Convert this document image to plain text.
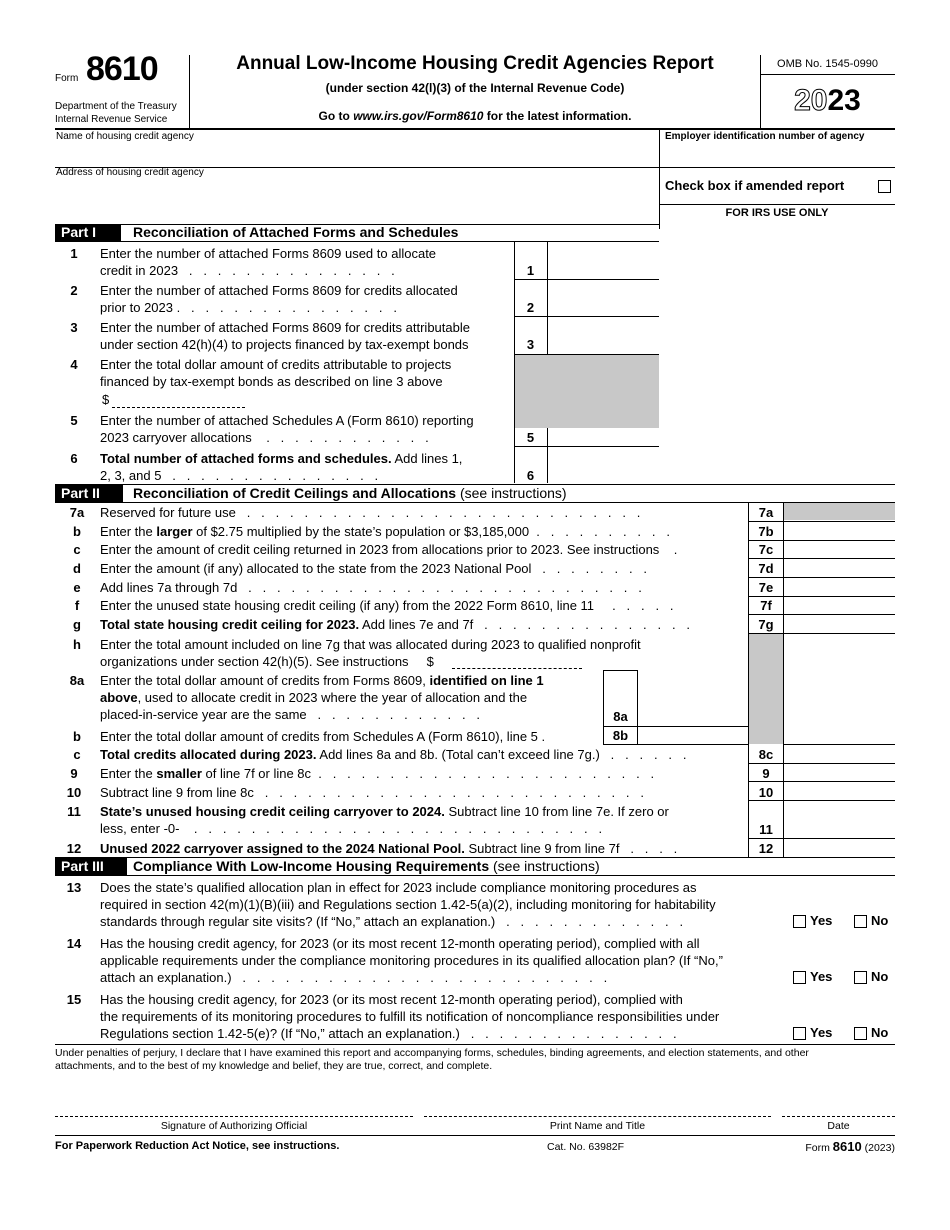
Form 8610
Department of the Treasury
Internal Revenue Service
Annual Low-Income Housing Credit Agencies Report
(under section 42(l)(3) of the Internal Revenue Code)
Go to www.irs.gov/Form8610 for the latest information.
OMB No. 1545-0990
2023
Name of housing credit agency	Employer identification number of agency
Address of housing credit agency
Check box if amended report
FOR IRS USE ONLY
Part I	Reconciliation of Attached Forms and Schedules
1	Enter the number of attached Forms 8609 used to allocate
credit in 2023   .   .   .   .   .   .   .   .   .   .   .   .   .   .   .	1
2	Enter the number of attached Forms 8609 for credits allocated
prior to 2023 .   .   .   .   .   .   .   .   .   .   .   .   .   .   .   .	2
3	Enter the number of attached Forms 8609 for credits attributable
under section 42(h)(4) to projects financed by tax-exempt bonds	3
4	Enter the total dollar amount of credits attributable to projects
financed by tax-exempt bonds as described on line 3 above
$
5	Enter the number of attached Schedules A (Form 8610) reporting
2023 carryover allocations    .   .   .   .   .   .   .   .   .   .   .   .	5
6	Total number of attached forms and schedules. Add lines 1,
2, 3, and 5   .   .   .   .   .   .   .   .   .   .   .   .   .   .   .	6
Part II	Reconciliation of Credit Ceilings and Allocations (see instructions)
7a	Reserved for future use   .   .   .   .   .   .   .   .   .   .   .   .   .   .   .   .   .   .   .   .   .   .   .   .   .   .   .   .	7a
b	Enter the larger of $2.75 multiplied by the state’s population or $3,185,000  .   .   .   .   .   .   .   .   .   .	7b
c	Enter the amount of credit ceiling returned in 2023 from allocations prior to 2023. See instructions    .	7c
d	Enter the amount (if any) allocated to the state from the 2023 National Pool   .   .   .   .   .   .   .   .	7d
e	Add lines 7a through 7d   .   .   .   .   .   .   .   .   .   .   .   .   .   .   .   .   .   .   .   .   .   .   .   .   .   .   .   .	7e
f	Enter the unused state housing credit ceiling (if any) from the 2022 Form 8610, line 11     .   .   .   .   .	7f
g	Total state housing credit ceiling for 2023. Add lines 7e and 7f   .   .   .   .   .   .   .   .   .   .   .   .   .   .   .	7g
h	Enter the total amount included on line 7g that was allocated during 2023 to qualified nonprofit
organizations under section 42(h)(5). See instructions $
8a	Enter the total dollar amount of credits from Forms 8609, identified on line 1
above, used to allocate credit in 2023 where the year of allocation and the
placed-in-service year are the same   .   .   .   .   .   .   .   .   .   .   .   .	8a
b	Enter the total dollar amount of credits from Schedules A (Form 8610), line 5 .	8b
c	Total credits allocated during 2023. Add lines 8a and 8b. (Total can’t exceed line 7g.)   .   .   .   .   .   .	8c
9	Enter the smaller of line 7f or line 8c  .   .   .   .   .   .   .   .   .   .   .   .   .   .   .   .   .   .   .   .   .   .   .   .	9
10	Subtract line 9 from line 8c   .   .   .   .   .   .   .   .   .   .   .   .   .   .   .   .   .   .   .   .   .   .   .   .   .   .   .	10
11	State’s unused housing credit ceiling carryover to 2024. Subtract line 10 from line 7e. If zero or
less, enter -0-    .   .   .   .   .   .   .   .   .   .   .   .   .   .   .   .   .   .   .   .   .   .   .   .   .   .   .   .   .	11
12	Unused 2022 carryover assigned to the 2024 National Pool. Subtract line 9 from line 7f   .   .   .   .	12
Part III	Compliance With Low-Income Housing Requirements (see instructions)
13	Does the state’s qualified allocation plan in effect for 2023 include compliance monitoring procedures as
required in section 42(m)(1)(B)(iii) and Regulations section 1.42-5(a)(2), including monitoring for habitability
standards through regular site visits? (If “No,” attach an explanation.)   .   .   .   .   .   .   .   .   .   .   .   .   .	Yes	No
14	Has the housing credit agency, for 2023 (or its most recent 12-month operating period), complied with all
applicable requirements under the compliance monitoring procedures in its qualified allocation plan? (If “No,”
attach an explanation.)   .   .   .   .   .   .   .   .   .   .   .   .   .   .   .   .   .   .   .   .   .   .   .   .   .   .	Yes	No
15	Has the housing credit agency, for 2023 (or its most recent 12-month operating period), complied with
the requirements of its monitoring procedures to fulfill its notification of noncompliance responsibilities under
Regulations section 1.42-5(e)? (If “No,” attach an explanation.)   .   .   .   .   .   .   .   .   .   .   .   .   .   .   .	Yes	No
Under penalties of perjury, I declare that I have examined this report and accompanying forms, schedules, binding agreements, and election statements, and other
attachments, and to the best of my knowledge and belief, they are true, correct, and complete.
Signature of Authorizing Official	Print Name and Title	Date
For Paperwork Reduction Act Notice, see instructions.	Cat. No. 63982F	Form 8610 (2023)
